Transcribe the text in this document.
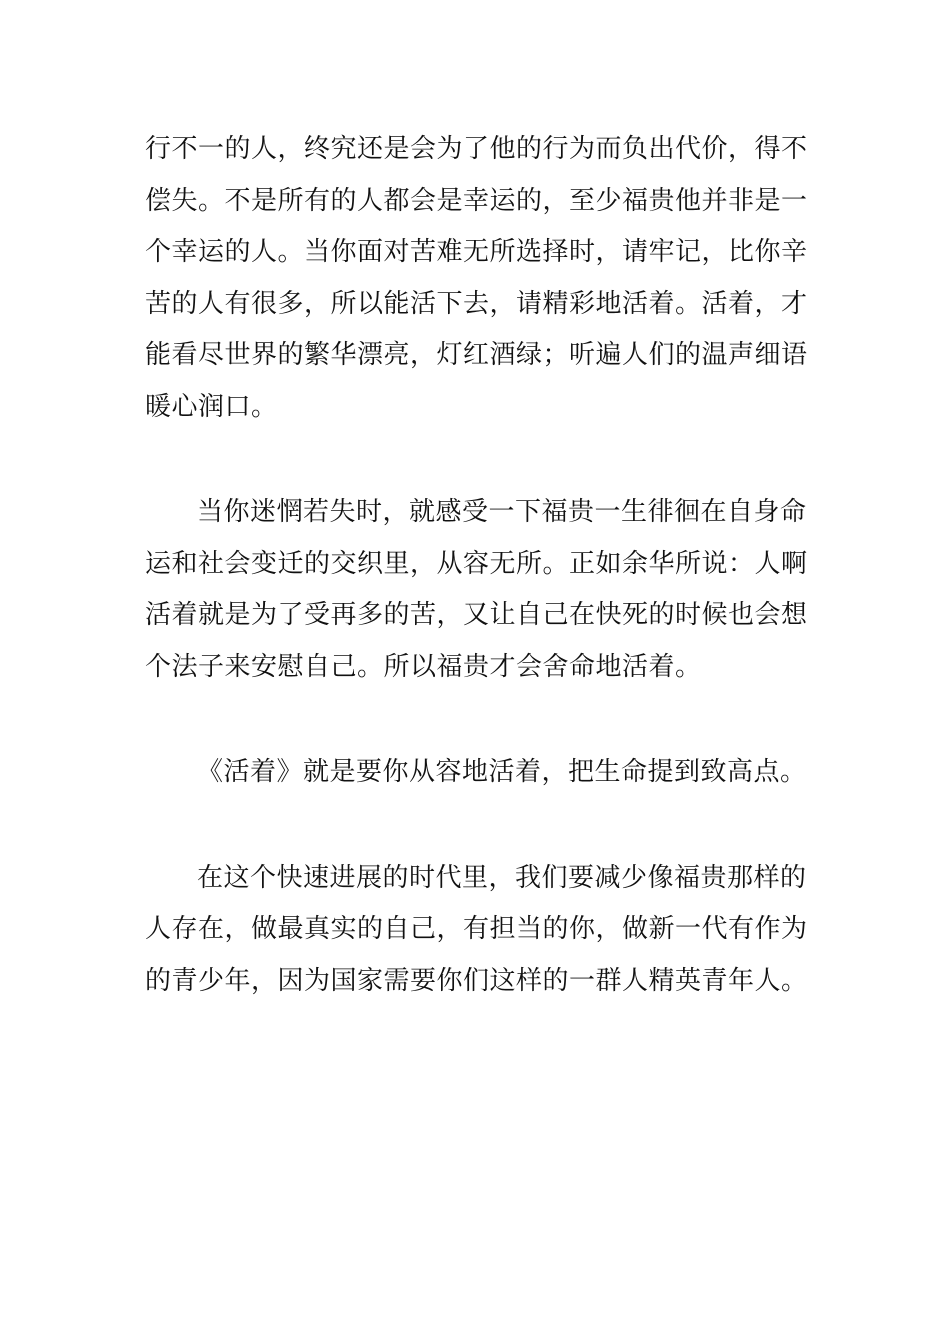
行不一的人，终究还是会为了他的行为而负出代价，得不
偿失。不是所有的人都会是幸运的，至少福贵他并非是一
个幸运的人。当你面对苦难无所选择时，请牢记，比你辛
苦的人有很多，所以能活下去，请精彩地活着。活着，才
能看尽世界的繁华漂亮，灯红酒绿；听遍人们的温声细语
暖心润口。
当你迷惘若失时，就感受一下福贵一生徘徊在自身命
运和社会变迁的交织里，从容无所。正如余华所说：人啊
活着就是为了受再多的苦，又让自己在快死的时候也会想
个法子来安慰自己。所以福贵才会舍命地活着。
《活着》就是要你从容地活着，把生命提到致高点。
在这个快速进展的时代里，我们要减少像福贵那样的
人存在，做最真实的自己，有担当的你，做新一代有作为
的青少年，因为国家需要你们这样的一群人精英青年人。
